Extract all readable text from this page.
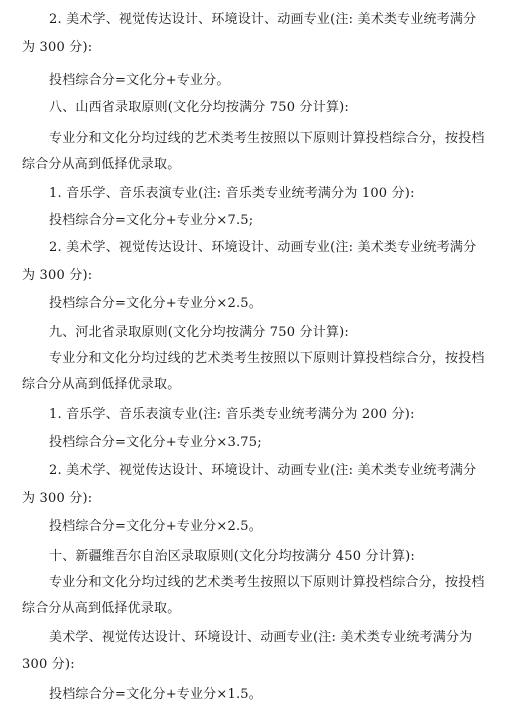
2. 美术学、视觉传达设计、环境设计、动画专业(注: 美术类专业统考满分
为 300 分):
投档综合分=文化分+专业分。
八、山西省录取原则(文化分均按满分 750 分计算):
专业分和文化分均过线的艺术类考生按照以下原则计算投档综合分，按投档
综合分从高到低择优录取。
1. 音乐学、音乐表演专业(注: 音乐类专业统考满分为 100 分):
投档综合分=文化分+专业分×7.5;
2. 美术学、视觉传达设计、环境设计、动画专业(注: 美术类专业统考满分
为 300 分):
投档综合分=文化分+专业分×2.5。
九、河北省录取原则(文化分均按满分 750 分计算):
专业分和文化分均过线的艺术类考生按照以下原则计算投档综合分，按投档
综合分从高到低择优录取。
1. 音乐学、音乐表演专业(注: 音乐类专业统考满分为 200 分):
投档综合分=文化分+专业分×3.75;
2. 美术学、视觉传达设计、环境设计、动画专业(注: 美术类专业统考满分
为 300 分):
投档综合分=文化分+专业分×2.5。
十、新疆维吾尔自治区录取原则(文化分均按满分 450 分计算):
专业分和文化分均过线的艺术类考生按照以下原则计算投档综合分，按投档
综合分从高到低择优录取。
美术学、视觉传达设计、环境设计、动画专业(注: 美术类专业统考满分为
300 分):
投档综合分=文化分+专业分×1.5。
